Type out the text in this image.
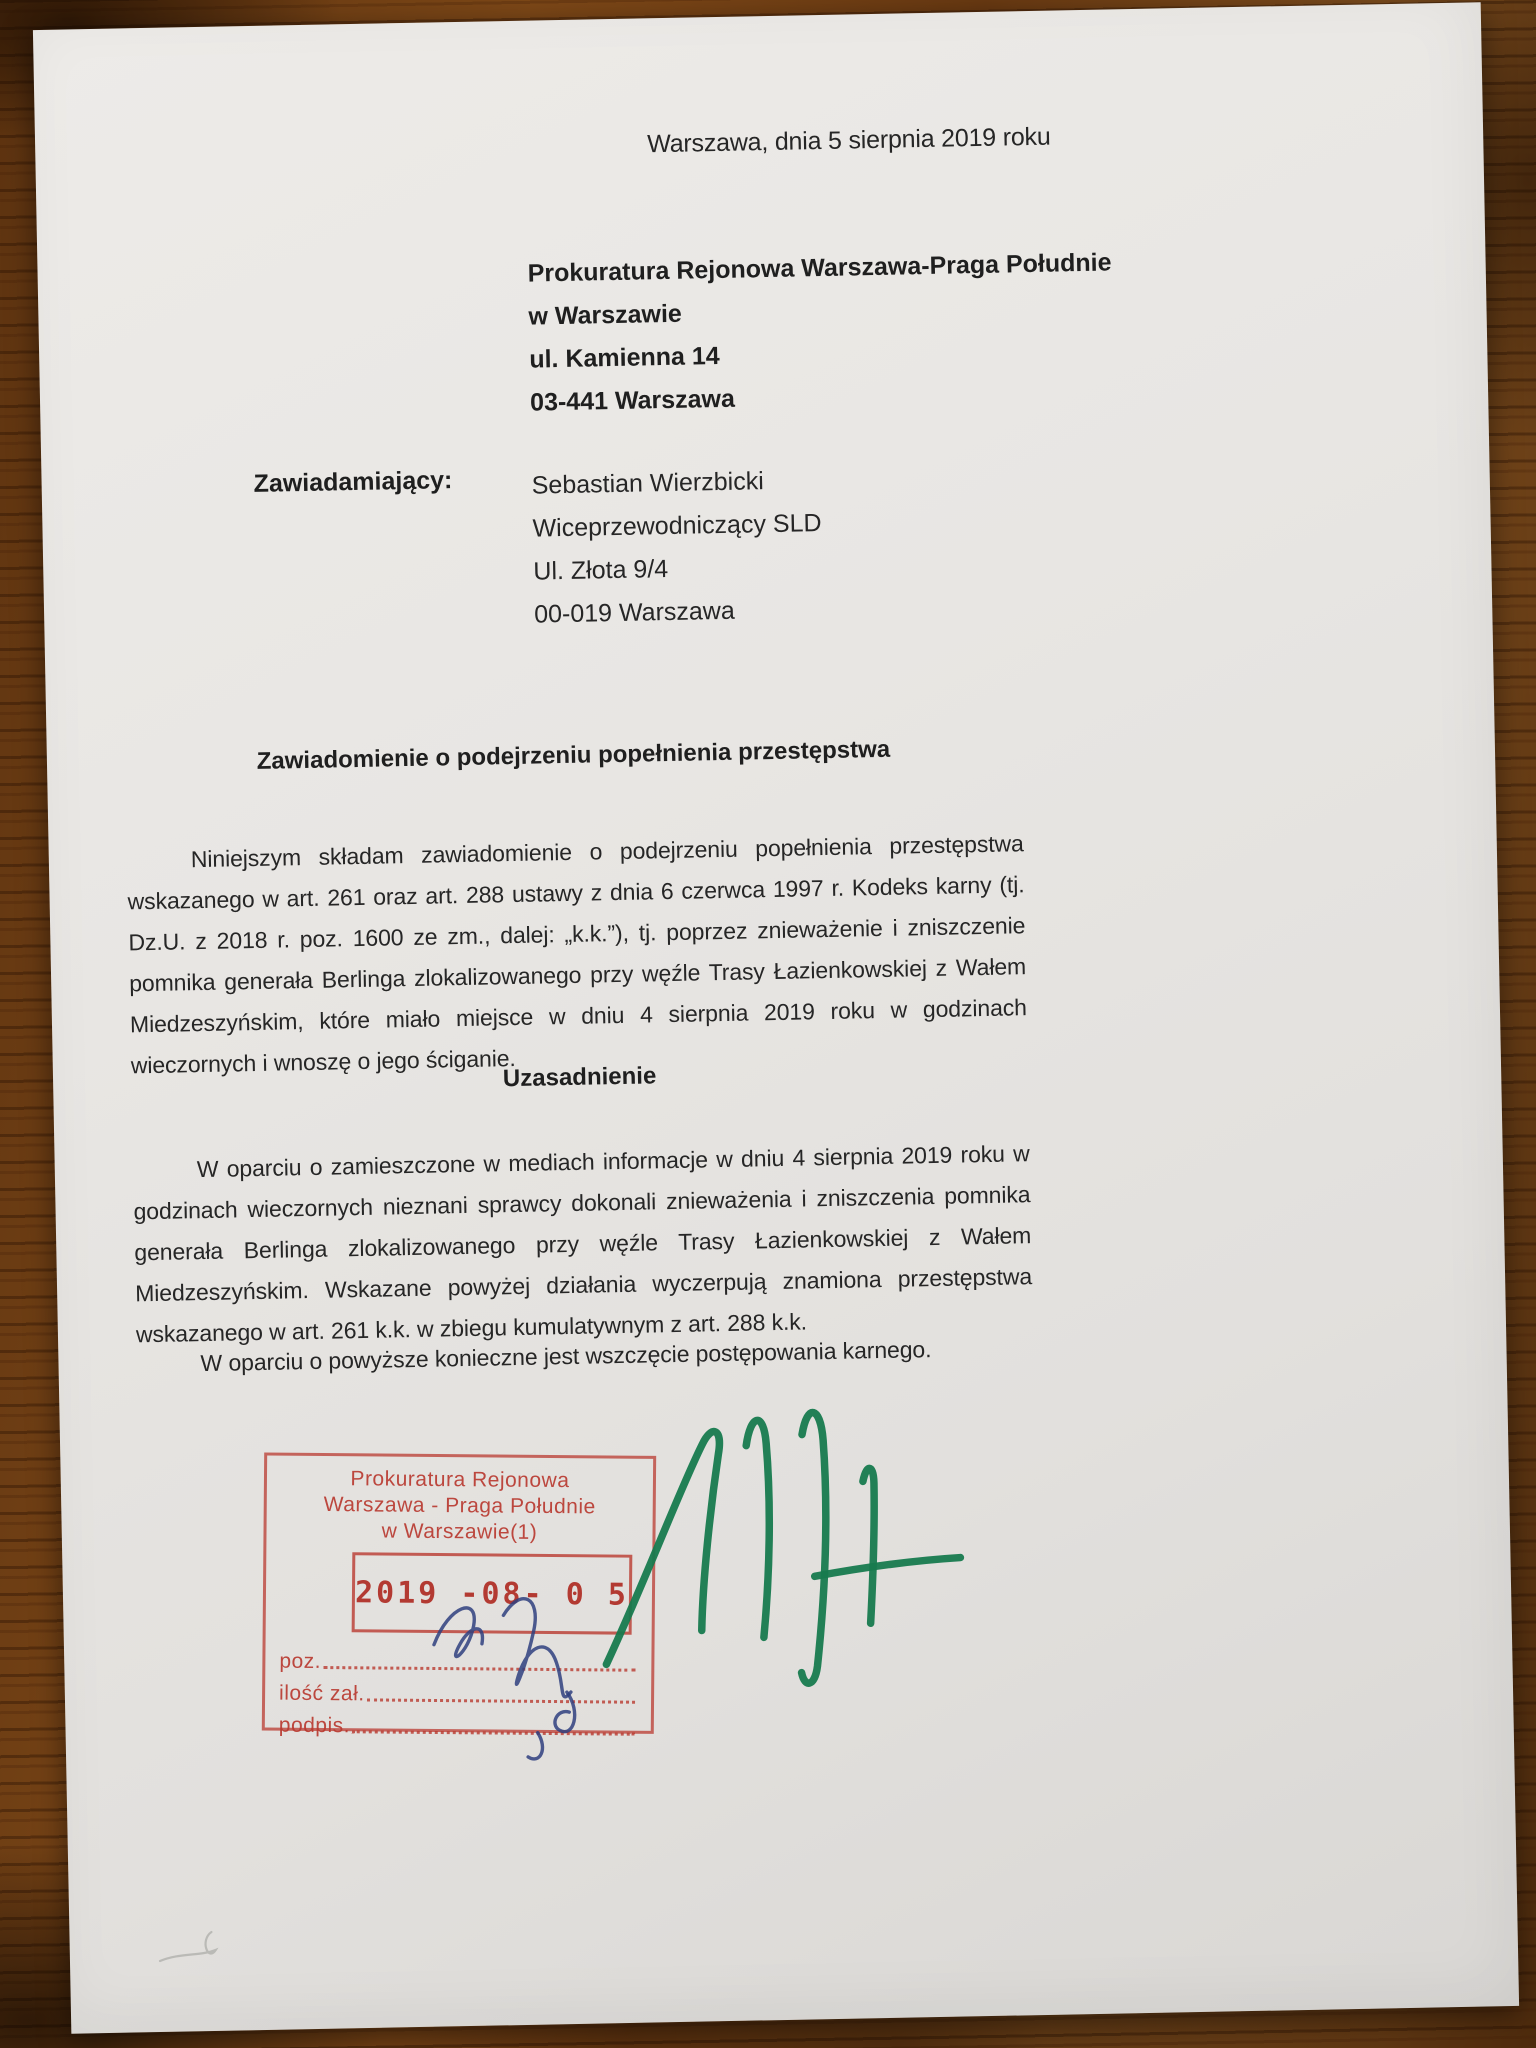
Warszawa, dnia 5 sierpnia 2019 roku
Prokuratura Rejonowa Warszawa-Praga Południe
w Warszawie
ul. Kamienna 14
03-441 Warszawa
Zawiadamiający:	Sebastian Wierzbicki
Wiceprzewodniczący SLD
Ul. Złota 9/4
00-019 Warszawa
Zawiadomienie o podejrzeniu popełnienia przestępstwa
Niniejszym składam zawiadomienie o podejrzeniu popełnienia przestępstwa wskazanego w art. 261 oraz art. 288 ustawy z dnia 6 czerwca 1997 r. Kodeks karny (tj. Dz.U. z 2018 r. poz. 1600 ze zm., dalej: „k.k.”), tj. poprzez znieważenie i zniszczenie pomnika generała Berlinga zlokalizowanego przy węźle Trasy Łazienkowskiej z Wałem Miedzeszyńskim, które miało miejsce w dniu 4 sierpnia 2019 roku w godzinach wieczornych i wnoszę o jego ściganie.
Uzasadnienie
W oparciu o zamieszczone w mediach informacje w dniu 4 sierpnia 2019 roku w godzinach wieczornych nieznani sprawcy dokonali znieważenia i zniszczenia pomnika generała Berlinga zlokalizowanego przy węźle Trasy Łazienkowskiej z Wałem Miedzeszyńskim. Wskazane powyżej działania wyczerpują znamiona przestępstwa wskazanego w art. 261 k.k. w zbiegu kumulatywnym z art. 288 k.k.
W oparciu o powyższe konieczne jest wszczęcie postępowania karnego.
Prokuratura Rejonowa
Warszawa - Praga Południe
w Warszawie(1)
2019 -08- 0 5
poz.
ilość zał.
podpis.
